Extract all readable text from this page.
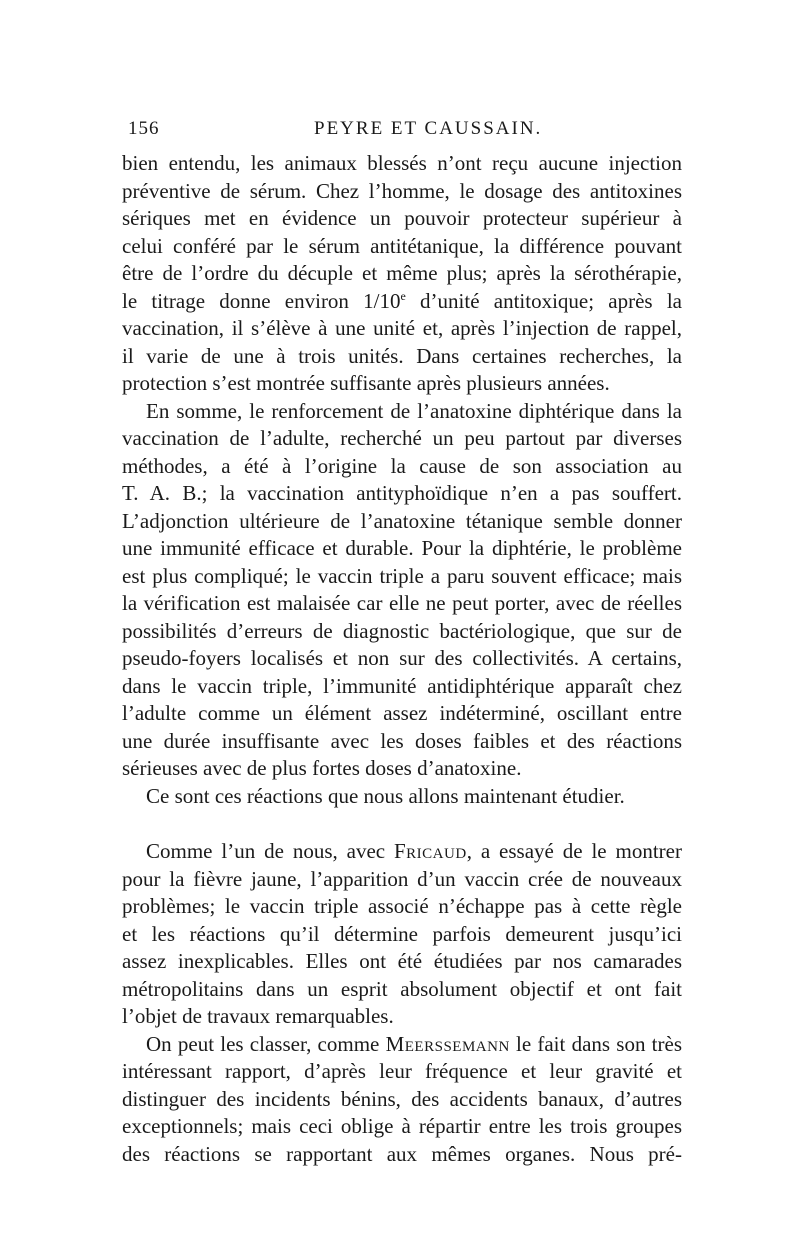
156	PEYRE ET CAUSSAIN.
bien entendu, les animaux blessés n’ont reçu aucune injection
préventive de sérum. Chez l’homme, le dosage des antitoxines
sériques met en évidence un pouvoir protecteur supérieur à
celui conféré par le sérum antitétanique, la différence pouvant
être de l’ordre du décuple et même plus; après la sérothérapie,
le titrage donne environ 1/10e d’unité antitoxique; après la
vaccination, il s’élève à une unité et, après l’injection de rappel,
il varie de une à trois unités. Dans certaines recherches, la
protection s’est montrée suffisante après plusieurs années.
En somme, le renforcement de l’anatoxine diphtérique dans la
vaccination de l’adulte, recherché un peu partout par diverses
méthodes, a été à l’origine la cause de son association au
T. A. B.; la vaccination antityphoïdique n’en a pas souffert.
L’adjonction ultérieure de l’anatoxine tétanique semble donner
une immunité efficace et durable. Pour la diphtérie, le problème
est plus compliqué; le vaccin triple a paru souvent efficace; mais
la vérification est malaisée car elle ne peut porter, avec de réelles
possibilités d’erreurs de diagnostic bactériologique, que sur de
pseudo-foyers localisés et non sur des collectivités. A certains,
dans le vaccin triple, l’immunité antidiphtérique apparaît chez
l’adulte comme un élément assez indéterminé, oscillant entre
une durée insuffisante avec les doses faibles et des réactions
sérieuses avec de plus fortes doses d’anatoxine.
Ce sont ces réactions que nous allons maintenant étudier.
Comme l’un de nous, avec Fricaud, a essayé de le montrer
pour la fièvre jaune, l’apparition d’un vaccin crée de nouveaux
problèmes; le vaccin triple associé n’échappe pas à cette règle
et les réactions qu’il détermine parfois demeurent jusqu’ici
assez inexplicables. Elles ont été étudiées par nos camarades
métropolitains dans un esprit absolument objectif et ont fait
l’objet de travaux remarquables.
On peut les classer, comme Meerssemann le fait dans son très
intéressant rapport, d’après leur fréquence et leur gravité et
distinguer des incidents bénins, des accidents banaux, d’autres
exceptionnels; mais ceci oblige à répartir entre les trois groupes
des réactions se rapportant aux mêmes organes. Nous pré-
